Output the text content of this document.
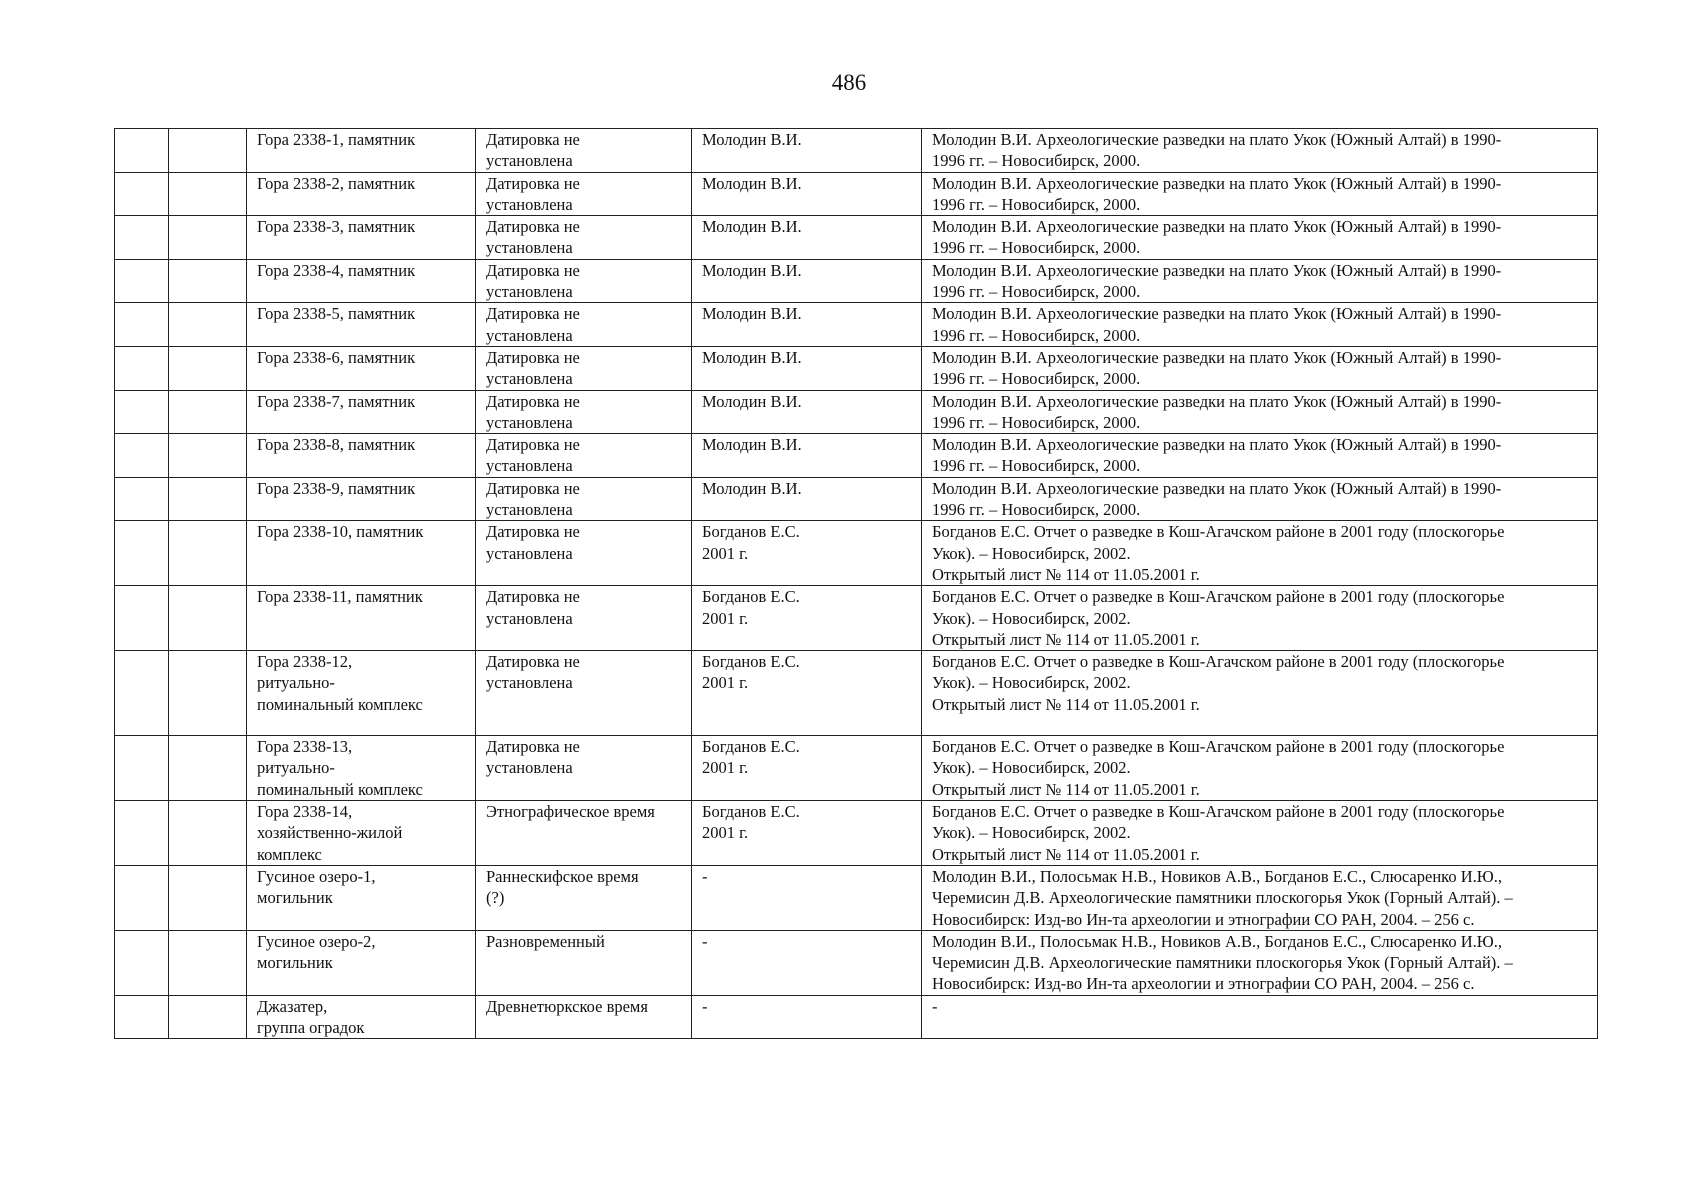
486
		Гора 2338-1, памятник	Датировка не
установлена	Молодин В.И.	Молодин В.И. Археологические разведки на плато Укок (Южный Алтай) в 1990-
1996 гг. – Новосибирск, 2000.
		Гора 2338-2, памятник	Датировка не
установлена	Молодин В.И.	Молодин В.И. Археологические разведки на плато Укок (Южный Алтай) в 1990-
1996 гг. – Новосибирск, 2000.
		Гора 2338-3, памятник	Датировка не
установлена	Молодин В.И.	Молодин В.И. Археологические разведки на плато Укок (Южный Алтай) в 1990-
1996 гг. – Новосибирск, 2000.
		Гора 2338-4, памятник	Датировка не
установлена	Молодин В.И.	Молодин В.И. Археологические разведки на плато Укок (Южный Алтай) в 1990-
1996 гг. – Новосибирск, 2000.
		Гора 2338-5, памятник	Датировка не
установлена	Молодин В.И.	Молодин В.И. Археологические разведки на плато Укок (Южный Алтай) в 1990-
1996 гг. – Новосибирск, 2000.
		Гора 2338-6, памятник	Датировка не
установлена	Молодин В.И.	Молодин В.И. Археологические разведки на плато Укок (Южный Алтай) в 1990-
1996 гг. – Новосибирск, 2000.
		Гора 2338-7, памятник	Датировка не
установлена	Молодин В.И.	Молодин В.И. Археологические разведки на плато Укок (Южный Алтай) в 1990-
1996 гг. – Новосибирск, 2000.
		Гора 2338-8, памятник	Датировка не
установлена	Молодин В.И.	Молодин В.И. Археологические разведки на плато Укок (Южный Алтай) в 1990-
1996 гг. – Новосибирск, 2000.
		Гора 2338-9, памятник	Датировка не
установлена	Молодин В.И.	Молодин В.И. Археологические разведки на плато Укок (Южный Алтай) в 1990-
1996 гг. – Новосибирск, 2000.
		Гора 2338-10, памятник	Датировка не
установлена	Богданов Е.С.
2001 г.	Богданов Е.С. Отчет о разведке в Кош-Агачском районе в 2001 году (плоскогорье
Укок). – Новосибирск, 2002.
Открытый лист № 114 от 11.05.2001 г.
		Гора 2338-11, памятник	Датировка не
установлена	Богданов Е.С.
2001 г.	Богданов Е.С. Отчет о разведке в Кош-Агачском районе в 2001 году (плоскогорье
Укок). – Новосибирск, 2002.
Открытый лист № 114 от 11.05.2001 г.
		Гора 2338-12,
ритуально-
поминальный комплекс	Датировка не
установлена	Богданов Е.С.
2001 г.	Богданов Е.С. Отчет о разведке в Кош-Агачском районе в 2001 году (плоскогорье
Укок). – Новосибирск, 2002.
Открытый лист № 114 от 11.05.2001 г.
		Гора 2338-13,
ритуально-
поминальный комплекс	Датировка не
установлена	Богданов Е.С.
2001 г.	Богданов Е.С. Отчет о разведке в Кош-Агачском районе в 2001 году (плоскогорье
Укок). – Новосибирск, 2002.
Открытый лист № 114 от 11.05.2001 г.
		Гора 2338-14,
хозяйственно-жилой
комплекс	Этнографическое время	Богданов Е.С.
2001 г.	Богданов Е.С. Отчет о разведке в Кош-Агачском районе в 2001 году (плоскогорье
Укок). – Новосибирск, 2002.
Открытый лист № 114 от 11.05.2001 г.
		Гусиное озеро-1,
могильник	Раннескифское время
(?)	-	Молодин В.И., Полосьмак Н.В., Новиков А.В., Богданов Е.С., Слюсаренко И.Ю.,
Черемисин Д.В. Археологические памятники плоскогорья Укок (Горный Алтай). –
Новосибирск: Изд-во Ин-та археологии и этнографии СО РАН, 2004. – 256 с.
		Гусиное озеро-2,
могильник	Разновременный	-	Молодин В.И., Полосьмак Н.В., Новиков А.В., Богданов Е.С., Слюсаренко И.Ю.,
Черемисин Д.В. Археологические памятники плоскогорья Укок (Горный Алтай). –
Новосибирск: Изд-во Ин-та археологии и этнографии СО РАН, 2004. – 256 с.
		Джазатер,
группа оградок	Древнетюркское время	-	-
